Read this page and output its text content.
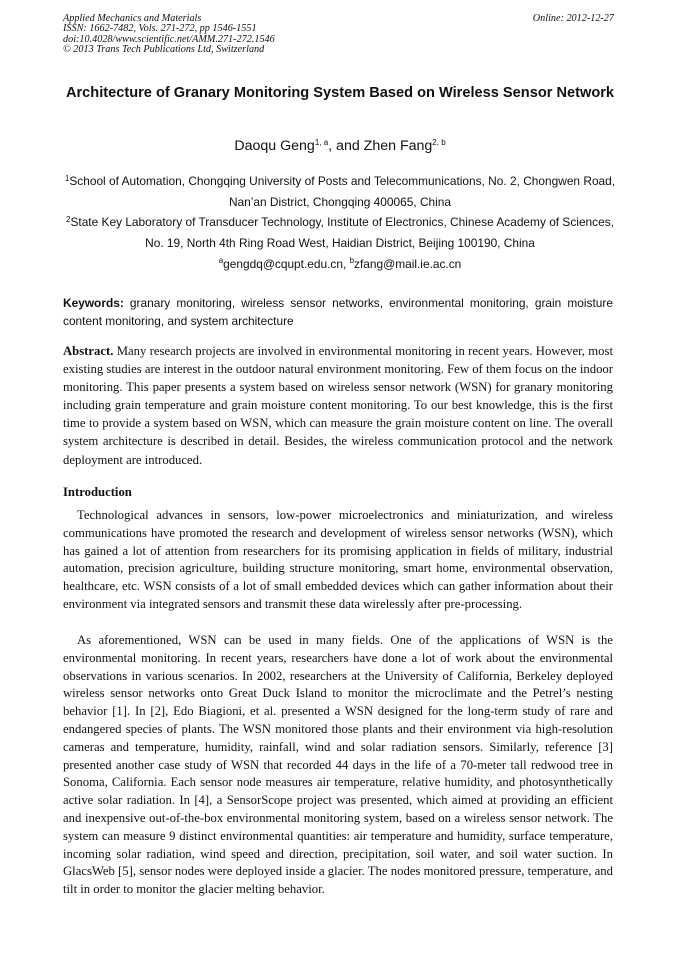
Applied Mechanics and Materials
ISSN: 1662-7482, Vols. 271-272, pp 1546-1551
doi:10.4028/www.scientific.net/AMM.271-272.1546
© 2013 Trans Tech Publications Ltd, Switzerland
Online: 2012-12-27
Architecture of Granary Monitoring System Based on Wireless Sensor Network
Daoqu Geng$^{1, a}$, and Zhen Fang$^{2, b}$
$^1$School of Automation, Chongqing University of Posts and Telecommunications, No. 2, Chongwen Road, Nan’an District, Chongqing 400065, China
$^2$State Key Laboratory of Transducer Technology, Institute of Electronics, Chinese Academy of Sciences, No. 19, North 4th Ring Road West, Haidian District, Beijing 100190, China
$^a$gengdq@cqupt.edu.cn, $^b$zfang@mail.ie.ac.cn
Keywords: granary monitoring, wireless sensor networks, environmental monitoring, grain moisture content monitoring, and system architecture
Abstract. Many research projects are involved in environmental monitoring in recent years. However, most existing studies are interest in the outdoor natural environment monitoring. Few of them focus on the indoor monitoring. This paper presents a system based on wireless sensor network (WSN) for granary monitoring including grain temperature and grain moisture content monitoring. To our best knowledge, this is the first time to provide a system based on WSN, which can measure the grain moisture content on line. The overall system architecture is described in detail. Besides, the wireless communication protocol and the network deployment are introduced.
Introduction

Technological advances in sensors, low-power microelectronics and miniaturization, and wireless communications have promoted the research and development of wireless sensor networks (WSN), which has gained a lot of attention from researchers for its promising application in fields of military, industrial automation, precision agriculture, building structure monitoring, smart home, environmental observation, healthcare, etc. WSN consists of a lot of small embedded devices which can gather information about their environment via integrated sensors and transmit these data wirelessly after pre-processing.

As aforementioned, WSN can be used in many fields. One of the applications of WSN is the environmental monitoring. In recent years, researchers have done a lot of work about the environmental observations in various scenarios. In 2002, researchers at the University of California, Berkeley deployed wireless sensor networks onto Great Duck Island to monitor the microclimate and the Petrel’s nesting behavior [1]. In [2], Edo Biagioni, et al. presented a WSN designed for the long-term study of rare and endangered species of plants. The WSN monitored those plants and their environment via high-resolution cameras and temperature, humidity, rainfall, wind and solar radiation sensors. Similarly, reference [3] presented another case study of WSN that recorded 44 days in the life of a 70-meter tall redwood tree in Sonoma, California. Each sensor node measures air temperature, relative humidity, and photosynthetically active solar radiation. In [4], a SensorScope project was presented, which aimed at providing an efficient and inexpensive out-of-the-box environmental monitoring system, based on a wireless sensor network. The system can measure 9 distinct environmental quantities: air temperature and humidity, surface temperature, incoming solar radiation, wind speed and direction, precipitation, soil water, and soil water suction. In GlacsWeb [5], sensor nodes were deployed inside a glacier. The nodes monitored pressure, temperature, and tilt in order to monitor the glacier melting behavior.
